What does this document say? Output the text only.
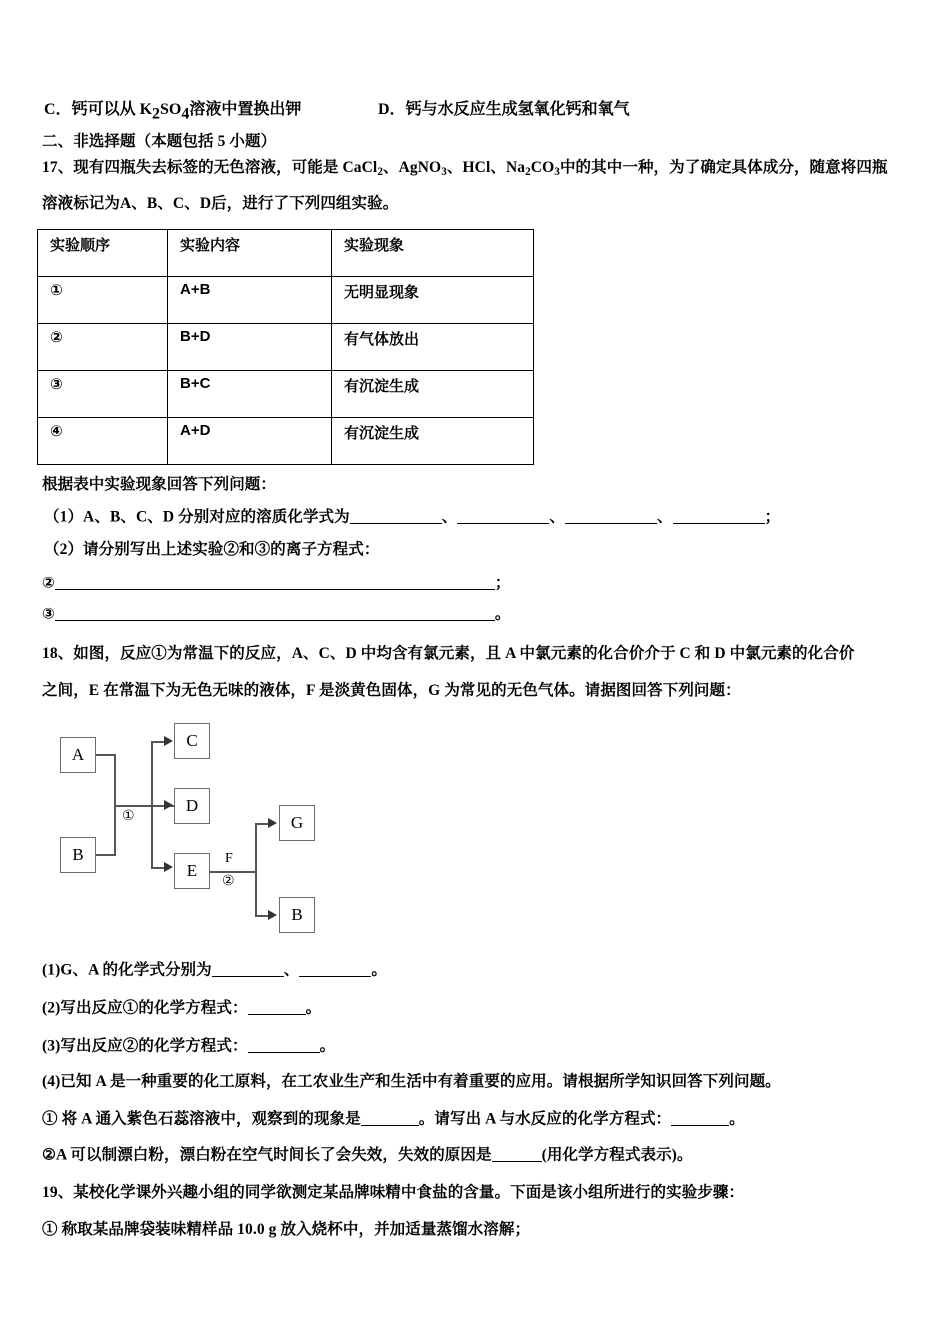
C．钙可以从 K2SO4溶液中置换出钾	D．钙与水反应生成氢氧化钙和氧气
二、非选择题（本题包括 5 小题）
17、现有四瓶失去标签的无色溶液，可能是 CaCl$_2$、AgNO$_3$、HCl、$Na_2CO_3$中的其中一种，为了确定具体成分，随意将四瓶
溶液标记为A、B、C、D后，进行了下列四组实验。
实验顺序	实验内容	实验现象
①	A+B	无明显现象
②	B+D	有气体放出
③	B+C	有沉淀生成
④	A+D	有沉淀生成
根据表中实验现象回答下列问题：
（1）A、B、C、D 分别对应的溶质化学式为	、	、	、	；
（2）请分别写出上述实验②和③的离子方程式：
②	；
③	。
18、如图，反应①为常温下的反应，A、C、D 中均含有氯元素，且 A 中氯元素的化合价介于 C 和 D 中氯元素的化合价
之间，E 在常温下为无色无味的液体，F 是淡黄色固体，G 为常见的无色气体。请据图回答下列问题：
A
B
C
D
E
G
B
①
F
②
(1)G、A 的化学式分别为	、	。
(2)写出反应①的化学方程式：	。
(3)写出反应②的化学方程式：	。
(4)已知 A 是一种重要的化工原料，在工农业生产和生活中有着重要的应用。请根据所学知识回答下列问题。
① 将 A 通入紫色石蕊溶液中，观察到的现象是	。请写出 A 与水反应的化学方程式：	。
②A 可以制漂白粉，漂白粉在空气时间长了会失效，失效的原因是	(用化学方程式表示)。
19、某校化学课外兴趣小组的同学欲测定某品牌味精中食盐的含量。下面是该小组所进行的实验步骤：
① 称取某品牌袋装味精样品 10.0 g 放入烧杯中，并加适量蒸馏水溶解；
